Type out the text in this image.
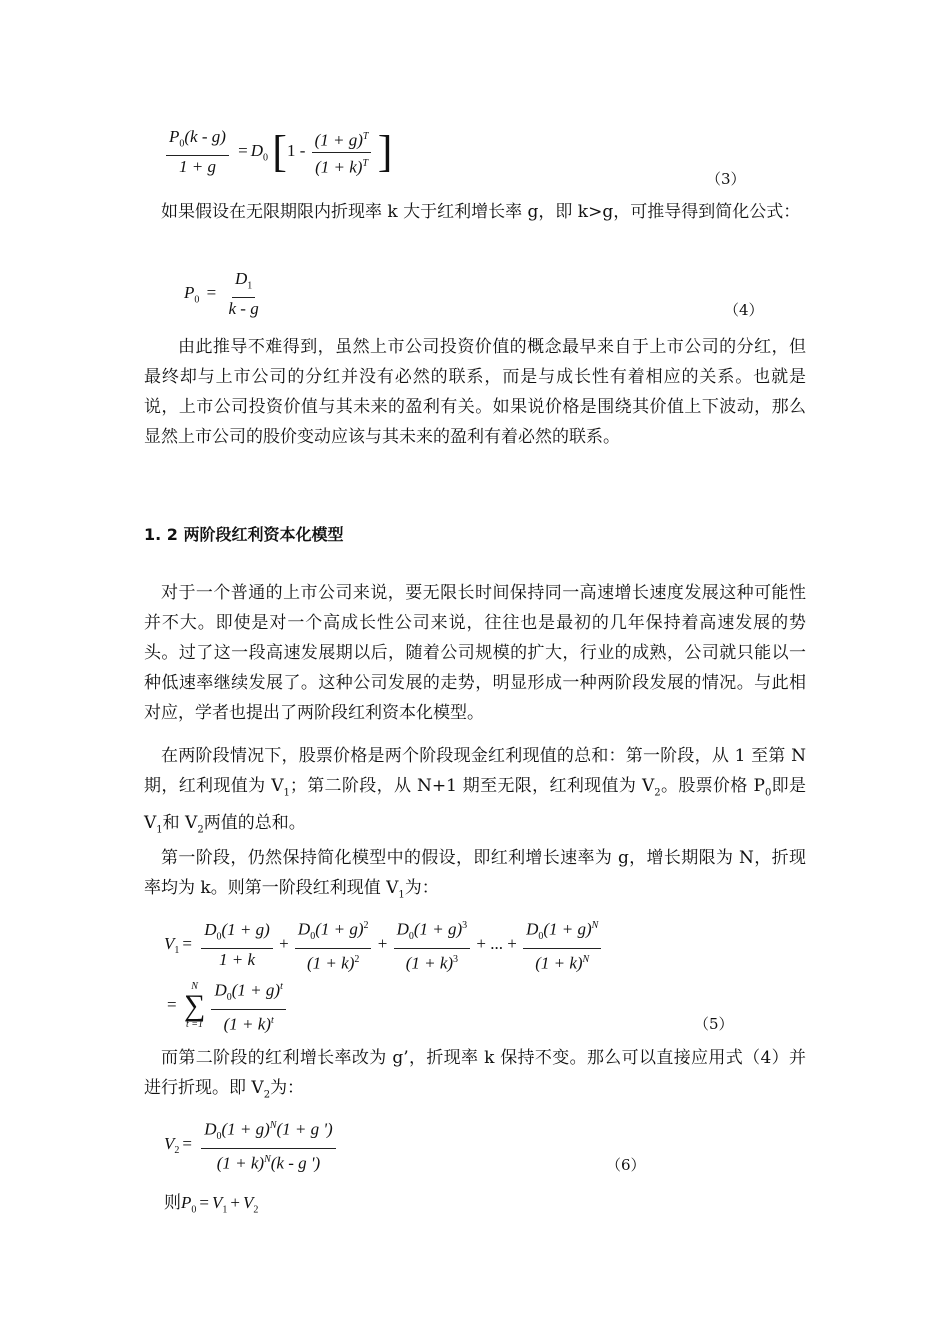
$\frac{P_0(k - g)}{1 + g} = D_0$ [$1 - \frac{(1 + g)^T}{(1 + k)^T}$ ]
（3）

如果假设在无限期限内折现率 k 大于红利增长率 g，即 k>g，可推导得到简化公式：

$P_0 = \frac{D_1}{k - g}$	（4）

由此推导不难得到，虽然上市公司投资价值的概念最早来自于上市公司的分红，但最终却与上市公司的分红并没有必然的联系，而是与成长性有着相应的关系。也就是说，上市公司投资价值与其未来的盈利有关。如果说价格是围绕其价值上下波动，那么显然上市公司的股价变动应该与其未来的盈利有着必然的联系。

1. 2 两阶段红利资本化模型

对于一个普通的上市公司来说，要无限长时间保持同一高速增长速度发展这种可能性并不大。即使是对一个高成长性公司来说，往往也是最初的几年保持着高速发展的势头。过了这一段高速发展期以后，随着公司规模的扩大，行业的成熟，公司就只能以一种低速率继续发展了。这种公司发展的走势，明显形成一种两阶段发展的情况。与此相对应，学者也提出了两阶段红利资本化模型。

在两阶段情况下，股票价格是两个阶段现金红利现值的总和：第一阶段，从 1 至第 N 期，红利现值为 $V_1$；第二阶段，从 N+1 期至无限，红利现值为 $V_2$。股票价格 $P_0$即是 $V_1$和 $V_2$两值的总和。

第一阶段，仍然保持简化模型中的假设，即红利增长速率为 g，增长期限为 N，折现率均为 k。则第一阶段红利现值 $V_1$为：

$V_1 = \frac{D_0(1 + g)}{1 + k} + \frac{D_0(1 + g)^2}{(1 + k)^2} + \frac{D_0(1 + g)^3}{(1 + k)^3}$ + ... + $\frac{D_0(1 + g)^N}{(1 + k)^N}$
=
N
∑
t =1
$\frac{D_0(1 + g)^t}{(1 + k)^t}$	（5）

而第二阶段的红利增长率改为 g’，折现率 k 保持不变。那么可以直接应用式（4）并进行折现。即 $V_2$为：

$V_2 = \frac{D_0(1 + g)^N(1 + g ')}{(1 + k)^N(k - g ')}$	（6）
则$P_0 = V_1 + V_2$
